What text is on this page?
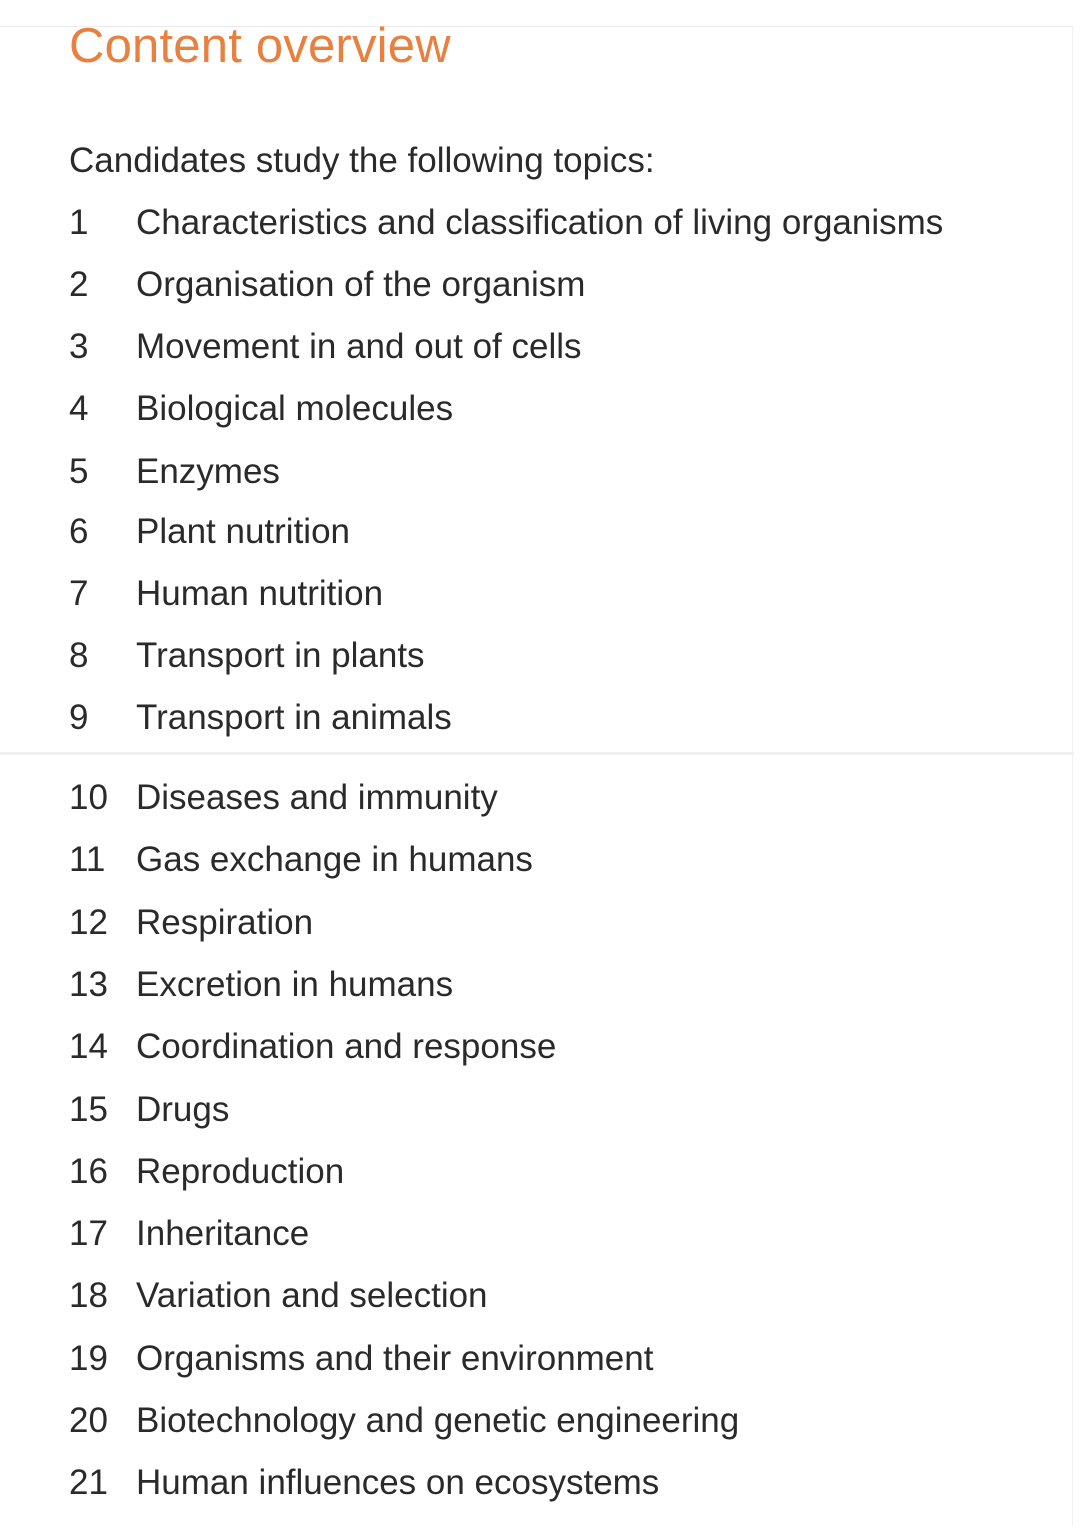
Content overview

Candidates study the following topics:

1	Characteristics and classification of living organisms
2	Organisation of the organism
3	Movement in and out of cells
4	Biological molecules
5	Enzymes
6	Plant nutrition
7	Human nutrition
8	Transport in plants
9	Transport in animals
10 Diseases and immunity
11 Gas exchange in humans
12 Respiration
13 Excretion in humans
14 Coordination and response
15 Drugs
16 Reproduction
17 Inheritance
18 Variation and selection
19 Organisms and their environment
20 Biotechnology and genetic engineering
21 Human influences on ecosystems
